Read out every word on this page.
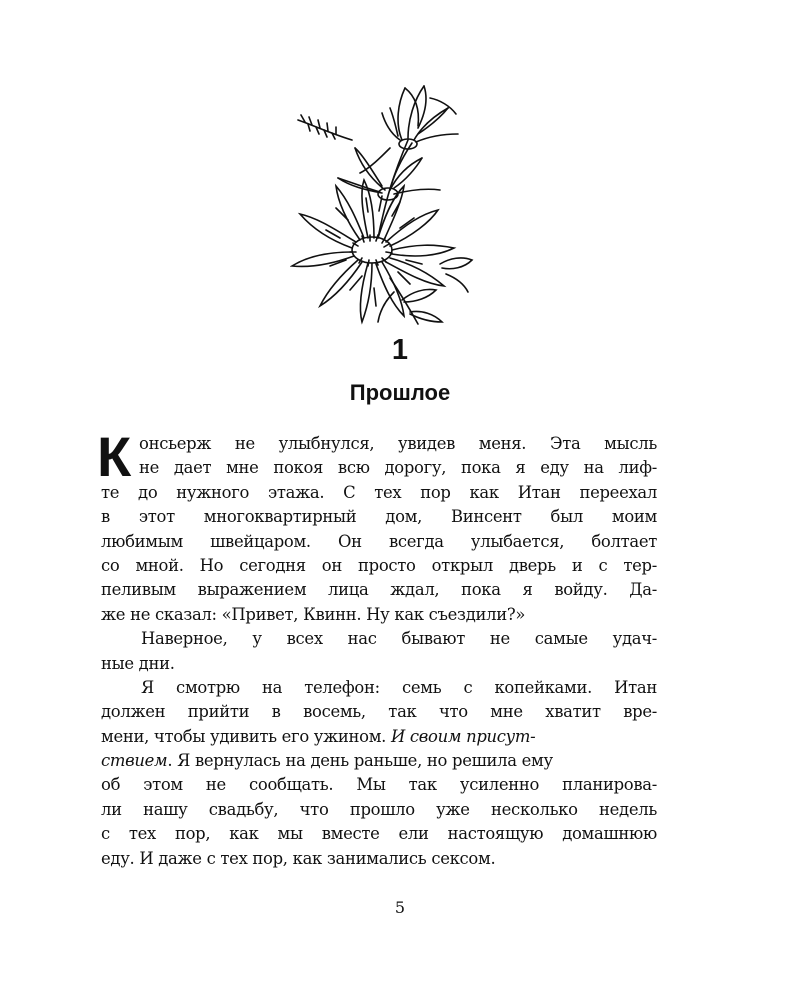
1
Прошлое
К онсьерж не улыбнулся, увидев меня. Эта мысль
не дает мне покоя всю дорогу, пока я еду на лиф-
те до нужного этажа. С тех пор как Итан переехал
в этот многоквартирный дом, Винсент был моим
любимым швейцаром. Он всегда улыбается, болтает
со мной. Но сегодня он просто открыл дверь и с тер-
пеливым выражением лица ждал, пока я войду. Да-
же не сказал: «Привет, Квинн. Ну как съездили?»
Наверное, у всех нас бывают не самые удач-
ные дни.
Я смотрю на телефон: семь с копейками. Итан
должен прийти в восемь, так что мне хватит вре-
мени, чтобы удивить его ужином. И своим присут-
ствием. Я вернулась на день раньше, но решила ему
об этом не сообщать. Мы так усиленно планирова-
ли нашу свадьбу, что прошло уже несколько недель
с тех пор, как мы вместе ели настоящую домашнюю
еду. И даже с тех пор, как занимались сексом.
5
